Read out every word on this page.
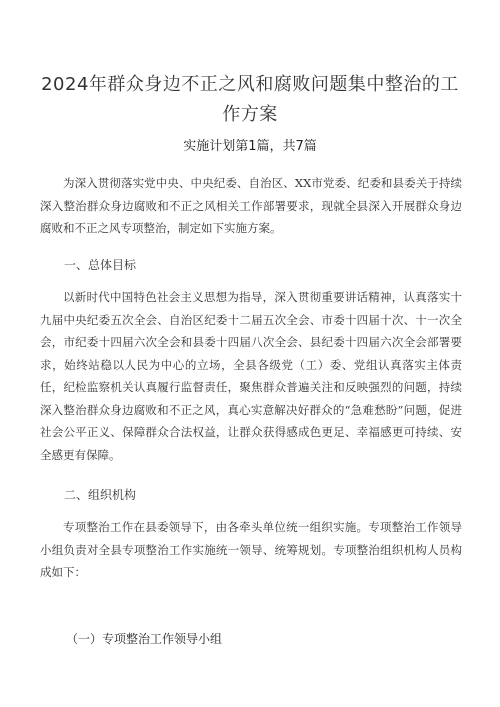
2024年群众身边不正之风和腐败问题集中整治的工作方案
实施计划第1篇，共7篇

为深入贯彻落实党中央、中央纪委、自治区、XX市党委、纪委和县委关于持续深入整治群众身边腐败和不正之风相关工作部署要求，现就全县深入开展群众身边腐败和不正之风专项整治，制定如下实施方案。

一、总体目标

以新时代中国特色社会主义思想为指导，深入贯彻重要讲话精神，认真落实十九届中央纪委五次全会、自治区纪委十二届五次全会、市委十四届十次、十一次全会，市纪委十四届六次全会和县委十四届八次全会、县纪委十四届六次全会部署要求，始终站稳以人民为中心的立场，全县各级党（工）委、党组认真落实主体责任，纪检监察机关认真履行监督责任，聚焦群众普遍关注和反映强烈的问题，持续深入整治群众身边腐败和不正之风，真心实意解决好群众的“急难愁盼”问题，促进社会公平正义、保障群众合法权益，让群众获得感成色更足、幸福感更可持续、安全感更有保障。

二、组织机构

专项整治工作在县委领导下，由各牵头单位统一组织实施。专项整治工作领导小组负责对全县专项整治工作实施统一领导、统筹规划。专项整治组织机构人员构成如下：

（一）专项整治工作领导小组
